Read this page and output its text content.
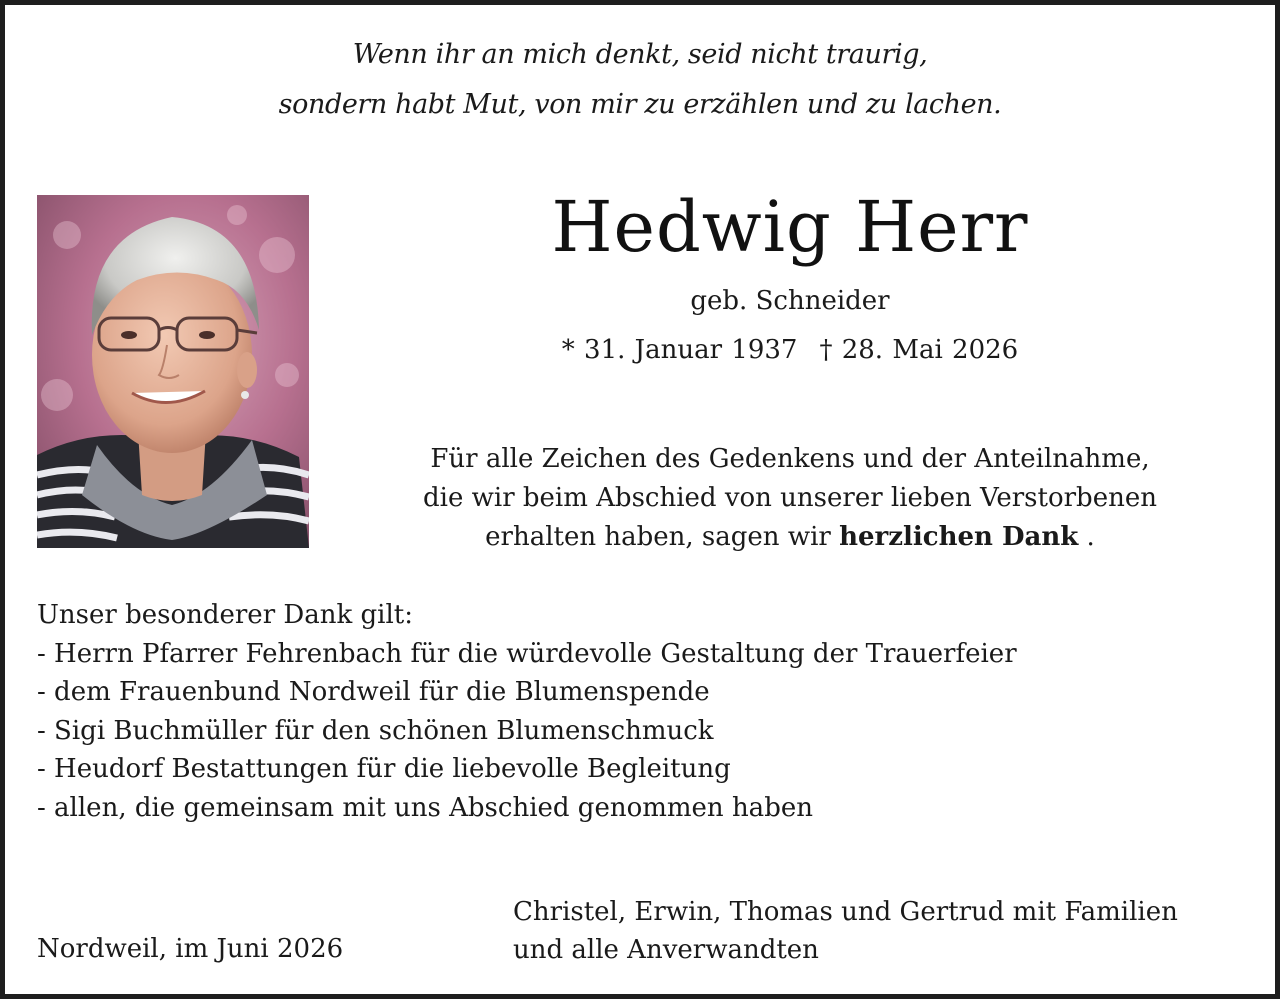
Wenn ihr an mich denkt, seid nicht traurig,
sondern habt Mut, von mir zu erzählen und zu lachen.
Hedwig Herr
geb. Schneider
* 31. Januar 1937 † 28. Mai 2026
Für alle Zeichen des Gedenkens und der Anteilnahme,
die wir beim Abschied von unserer lieben Verstorbenen
erhalten haben, sagen wir herzlichen Dank .
Unser besonderer Dank gilt:
- Herrn Pfarrer Fehrenbach für die würdevolle Gestaltung der Trauerfeier
- dem Frauenbund Nordweil für die Blumenspende
- Sigi Buchmüller für den schönen Blumenschmuck
- Heudorf Bestattungen für die liebevolle Begleitung
- allen, die gemeinsam mit uns Abschied genommen haben
Nordweil, im Juni 2026
Christel, Erwin, Thomas und Gertrud mit Familien
und alle Anverwandten
